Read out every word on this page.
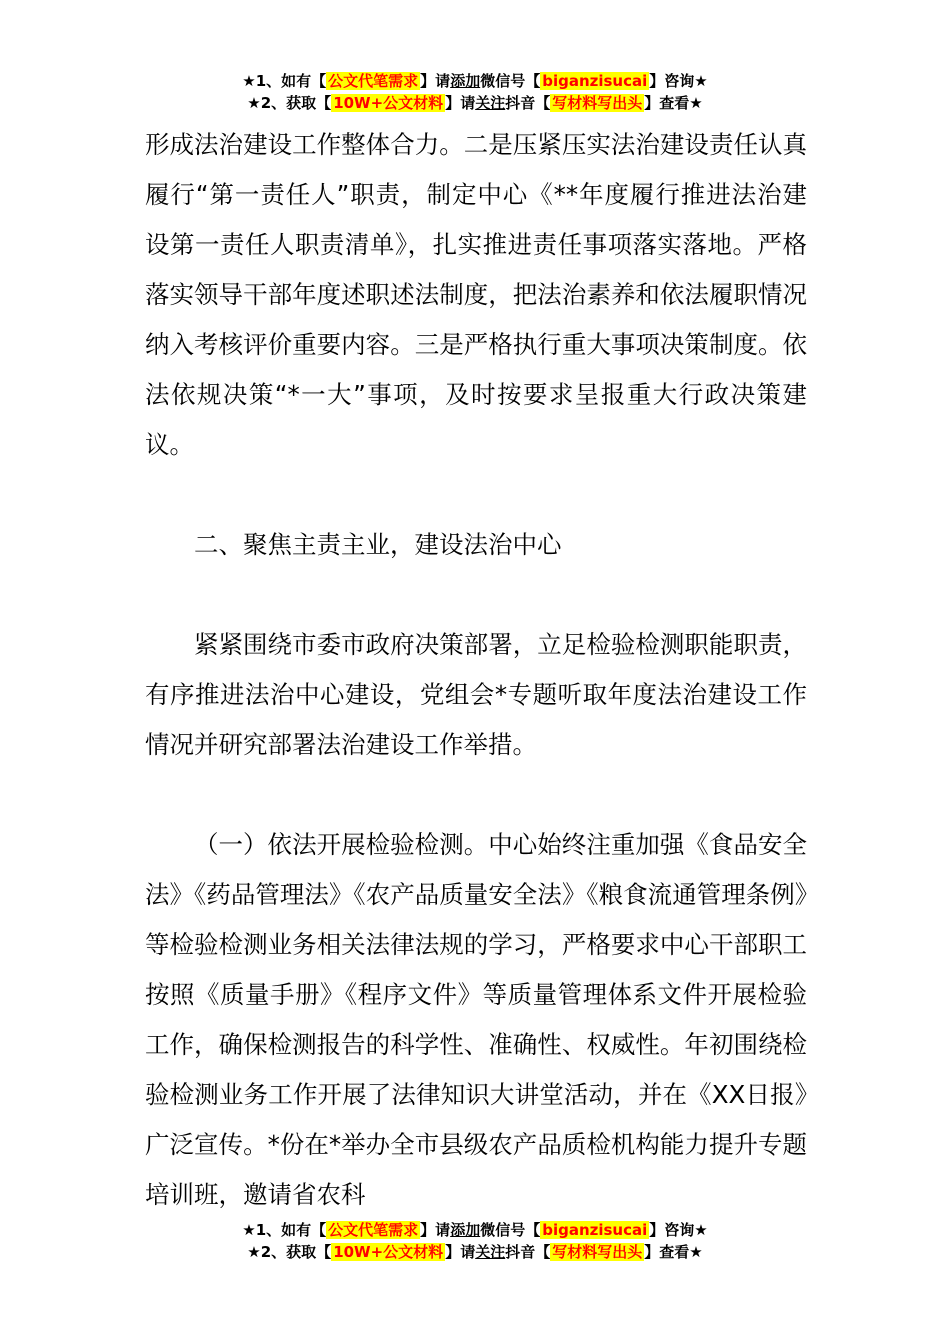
★1、如有【 公文代笔需求 】请添加微信号【 biganzisucai 】咨询★
★2、获取【 10W+公文材料 】请关注抖音【 写材料写出头 】查看★

形成法治建设工作整体合力。二是压紧压实法治建设责任认真履行“第一责任人”职责，制定中心《**年度履行推进法治建设第一责任人职责清单》，扎实推进责任事项落实落地。严格落实领导干部年度述职述法制度，把法治素养和依法履职情况纳入考核评价重要内容。三是严格执行重大事项决策制度。依法依规决策“*一大”事项，及时按要求呈报重大行政决策建议。

二、聚焦主责主业，建设法治中心

紧紧围绕市委市政府决策部署，立足检验检测职能职责，有序推进法治中心建设，党组会*专题听取年度法治建设工作情况并研究部署法治建设工作举措。

（一）依法开展检验检测。中心始终注重加强《食品安全法》《药品管理法》《农产品质量安全法》《粮食流通管理条例》等检验检测业务相关法律法规的学习，严格要求中心干部职工按照《质量手册》《程序文件》等质量管理体系文件开展检验工作，确保检测报告的科学性、准确性、权威性。年初围绕检验检测业务工作开展了法律知识大讲堂活动，并在《XX日报》广泛宣传。*份在*举办全市县级农产品质检机构能力提升专题培训班，邀请省农科

★1、如有【 公文代笔需求 】请添加微信号【 biganzisucai 】咨询★
★2、获取【 10W+公文材料 】请关注抖音【 写材料写出头 】查看★
